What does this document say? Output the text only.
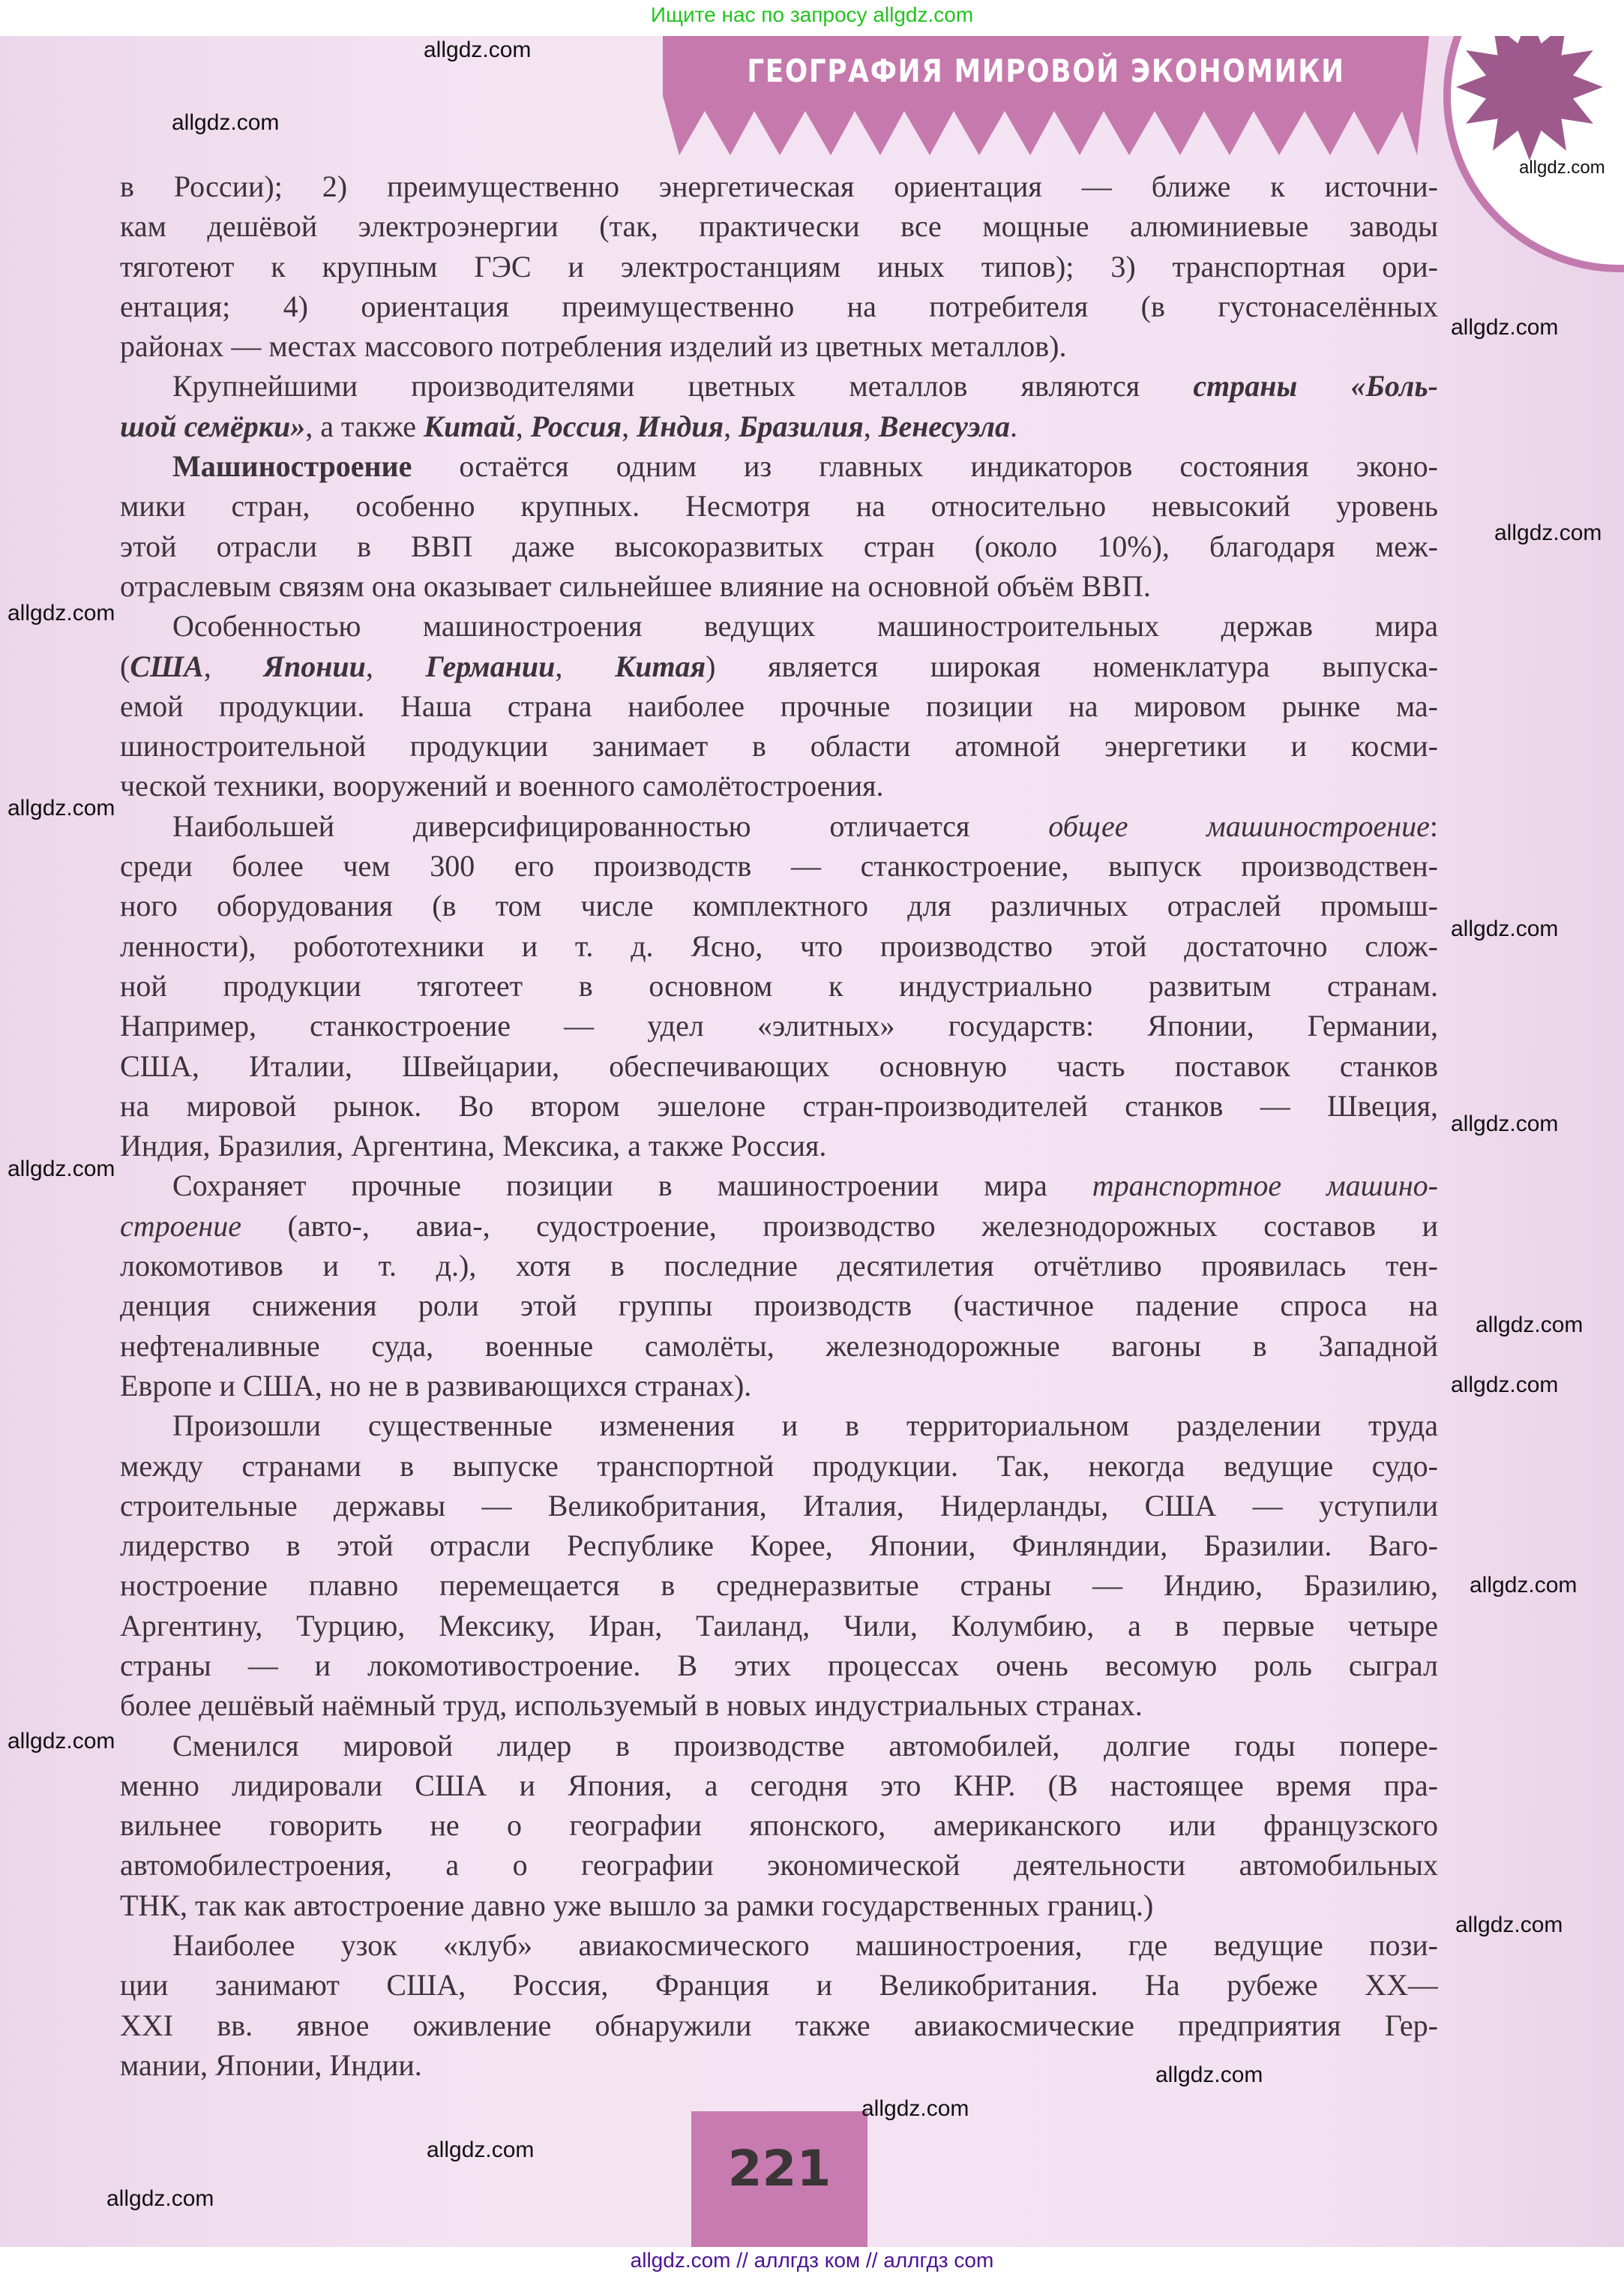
Ищите нас по запросу allgdz.com
ГЕОГРАФИЯ МИРОВОЙ ЭКОНОМИКИ
в России); 2) преимущественно энергетическая ориентация — ближе к источни-
кам дешёвой электроэнергии (так, практически все мощные алюминиевые заводы
тяготеют к крупным ГЭС и электростанциям иных типов); 3) транспортная ори-
ентация; 4) ориентация преимущественно на потребителя (в густонаселённых
районах — местах массового потребления изделий из цветных металлов).
Крупнейшими производителями цветных металлов являются страны «Боль-
шой семёрки», а также Китай, Россия, Индия, Бразилия, Венесуэла.
Машиностроение остаётся одним из главных индикаторов состояния эконо-
мики стран, особенно крупных. Несмотря на относительно невысокий уровень
этой отрасли в ВВП даже высокоразвитых стран (около 10%), благодаря меж-
отраслевым связям она оказывает сильнейшее влияние на основной объём ВВП.
Особенностью машиностроения ведущих машиностроительных держав мира
(США, Японии, Германии, Китая) является широкая номенклатура выпуска-
емой продукции. Наша страна наиболее прочные позиции на мировом рынке ма-
шиностроительной продукции занимает в области атомной энергетики и косми-
ческой техники, вооружений и военного самолётостроения.
Наибольшей диверсифицированностью отличается общее машиностроение:
среди более чем 300 его производств — станкостроение, выпуск производствен-
ного оборудования (в том числе комплектного для различных отраслей промыш-
ленности), робототехники и т. д. Ясно, что производство этой достаточно слож-
ной продукции тяготеет в основном к индустриально развитым странам.
Например, станкостроение — удел «элитных» государств: Японии, Германии,
США, Италии, Швейцарии, обеспечивающих основную часть поставок станков
на мировой рынок. Во втором эшелоне стран-производителей станков — Швеция,
Индия, Бразилия, Аргентина, Мексика, а также Россия.
Сохраняет прочные позиции в машиностроении мира транспортное машино-
строение (авто-, авиа-, судостроение, производство железнодорожных составов и
локомотивов и т. д.), хотя в последние десятилетия отчётливо проявилась тен-
денция снижения роли этой группы производств (частичное падение спроса на
нефтеналивные суда, военные самолёты, железнодорожные вагоны в Западной
Европе и США, но не в развивающихся странах).
Произошли существенные изменения и в территориальном разделении труда
между странами в выпуске транспортной продукции. Так, некогда ведущие судо-
строительные державы — Великобритания, Италия, Нидерланды, США — уступили
лидерство в этой отрасли Республике Корее, Японии, Финляндии, Бразилии. Ваго-
ностроение плавно перемещается в среднеразвитые страны — Индию, Бразилию,
Аргентину, Турцию, Мексику, Иран, Таиланд, Чили, Колумбию, а в первые четыре
страны — и локомотивостроение. В этих процессах очень весомую роль сыграл
более дешёвый наёмный труд, используемый в новых индустриальных странах.
Сменился мировой лидер в производстве автомобилей, долгие годы попере-
менно лидировали США и Япония, а сегодня это КНР. (В настоящее время пра-
вильнее говорить не о географии японского, американского или французского
автомобилестроения, а о географии экономической деятельности автомобильных
ТНК, так как автостроение давно уже вышло за рамки государственных границ.)
Наиболее узок «клуб» авиакосмического машиностроения, где ведущие пози-
ции занимают США, Россия, Франция и Великобритания. На рубеже XX—
XXI вв. явное оживление обнаружили также авиакосмические предприятия Гер-
мании, Японии, Индии.
221
allgdz.com
allgdz.com
allgdz.com
allgdz.com
allgdz.com
allgdz.com
allgdz.com
allgdz.com
allgdz.com
allgdz.com
allgdz.com
allgdz.com
allgdz.com
allgdz.com
allgdz.com
allgdz.com
allgdz.com
allgdz.com
allgdz.com
allgdz.com // аллгдз ком // аллгдз com
